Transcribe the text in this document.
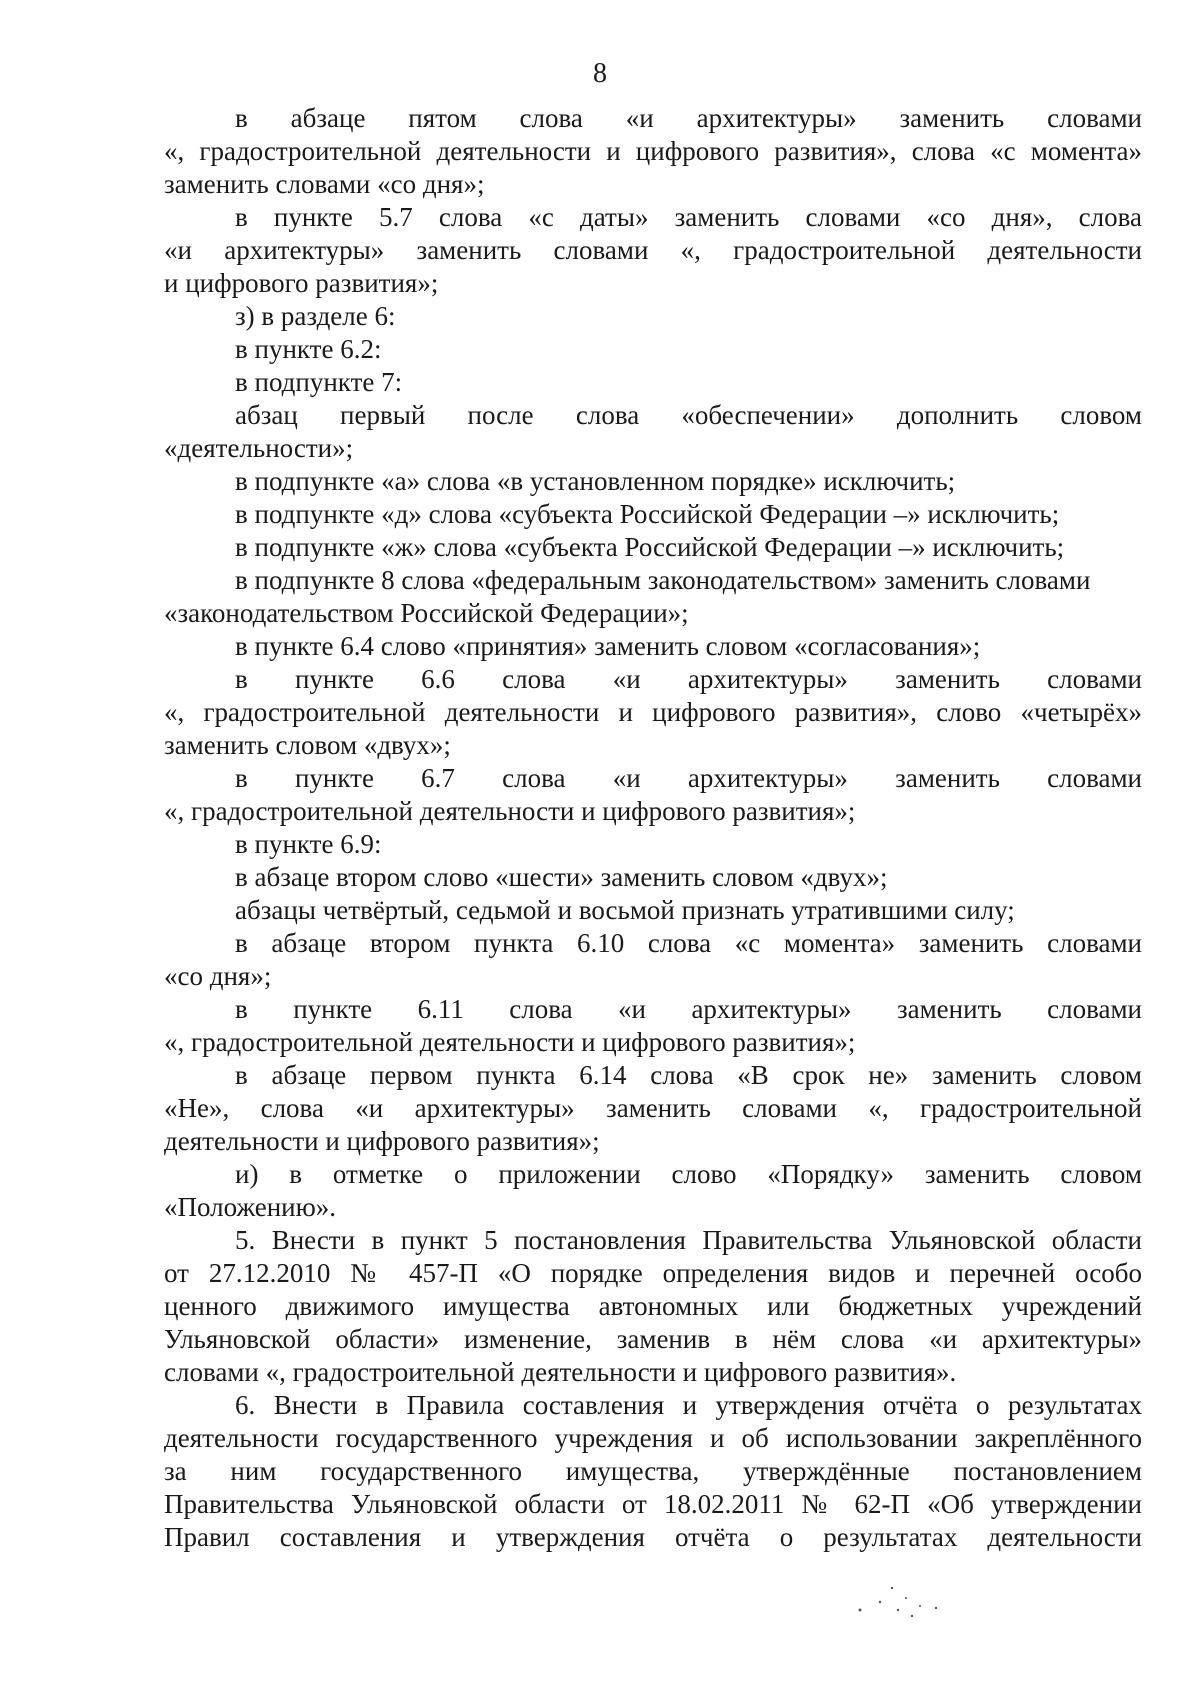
8
в абзаце пятом слова «и архитектуры» заменить словами
«, градостроительной деятельности и цифрового развития», слова «с момента»
заменить словами «со дня»;
в пункте 5.7 слова «с даты» заменить словами «со дня», слова
«и архитектуры» заменить словами «, градостроительной деятельности
и цифрового развития»;
з) в разделе 6:
в пункте 6.2:
в подпункте 7:
абзац первый после слова «обеспечении» дополнить словом
«деятельности»;
в подпункте «а» слова «в установленном порядке» исключить;
в подпункте «д» слова «субъекта Российской Федерации –» исключить;
в подпункте «ж» слова «субъекта Российской Федерации –» исключить;
в подпункте 8 слова «федеральным законодательством» заменить словами
«законодательством Российской Федерации»;
в пункте 6.4 слово «принятия» заменить словом «согласования»;
в пункте 6.6 слова «и архитектуры» заменить словами
«, градостроительной деятельности и цифрового развития», слово «четырёх»
заменить словом «двух»;
в пункте 6.7 слова «и архитектуры» заменить словами
«, градостроительной деятельности и цифрового развития»;
в пункте 6.9:
в абзаце втором слово «шести» заменить словом «двух»;
абзацы четвёртый, седьмой и восьмой признать утратившими силу;
в абзаце втором пункта 6.10 слова «с момента» заменить словами
«со дня»;
в пункте 6.11 слова «и архитектуры» заменить словами
«, градостроительной деятельности и цифрового развития»;
в абзаце первом пункта 6.14 слова «В срок не» заменить словом
«Не», слова «и архитектуры» заменить словами «, градостроительной
деятельности и цифрового развития»;
и) в отметке о приложении слово «Порядку» заменить словом
«Положению».
5. Внести в пункт 5 постановления Правительства Ульяновской области
от 27.12.2010 № 457-П «О порядке определения видов и перечней особо
ценного движимого имущества автономных или бюджетных учреждений
Ульяновской области» изменение, заменив в нём слова «и архитектуры»
словами «, градостроительной деятельности и цифрового развития».
6. Внести в Правила составления и утверждения отчёта о результатах
деятельности государственного учреждения и об использовании закреплённого
за ним государственного имущества, утверждённые постановлением
Правительства Ульяновской области от 18.02.2011 № 62-П «Об утверждении
Правил составления и утверждения отчёта о результатах деятельности
